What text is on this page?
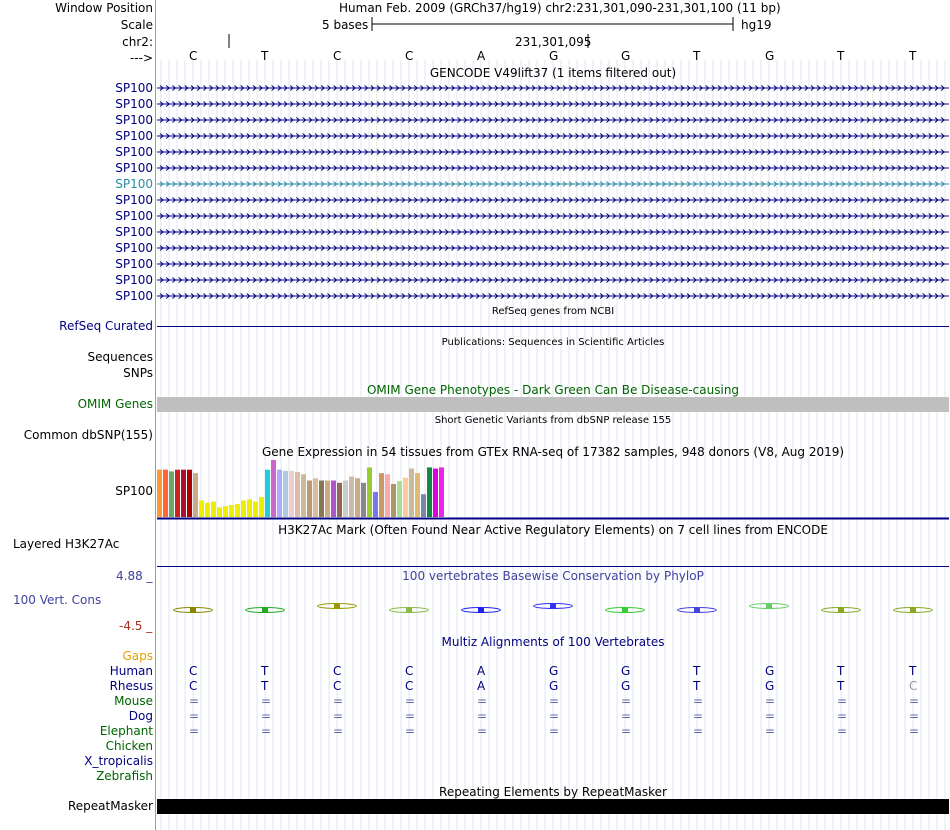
Window Position
Scale
chr2:
--->
Human Feb. 2009 (GRCh37/hg19) chr2:231,301,090-231,301,100 (11 bp)
5 bases	hg19
231,301,095
C	T	C	C	A	G	G	T	G	T	T
GENCODE V49lift37 (1 items filtered out)
SP100
SP100
SP100
SP100
SP100
SP100
SP100
SP100
SP100
SP100
SP100
SP100
SP100
SP100
RefSeq Curated
RefSeq genes from NCBI
Publications: Sequences in Scientific Articles
Sequences
SNPs
OMIM Gene Phenotypes - Dark Green Can Be Disease-causing
OMIM Genes
Short Genetic Variants from dbSNP release 155
Common dbSNP(155)
Gene Expression in 54 tissues from GTEx RNA-seq of 17382 samples, 948 donors (V8, Aug 2019)
SP100
H3K27Ac Mark (Often Found Near Active Regulatory Elements) on 7 cell lines from ENCODE
Layered H3K27Ac
100 vertebrates Basewise Conservation by PhyloP
4.88 _
100 Vert. Cons
-4.5 _
Multiz Alignments of 100 Vertebrates
Gaps
Human	C	T	C	C	A	G	G	T	G	T	T
Rhesus	C	T	C	C	A	G	G	T	G	T	C
Mouse	=	=	=	=	=	=	=	=	=	=	=
Dog	=	=	=	=	=	=	=	=	=	=	=
Elephant	=	=	=	=	=	=	=	=	=	=	=
Chicken
X_tropicalis
Zebrafish
Repeating Elements by RepeatMasker
RepeatMasker
